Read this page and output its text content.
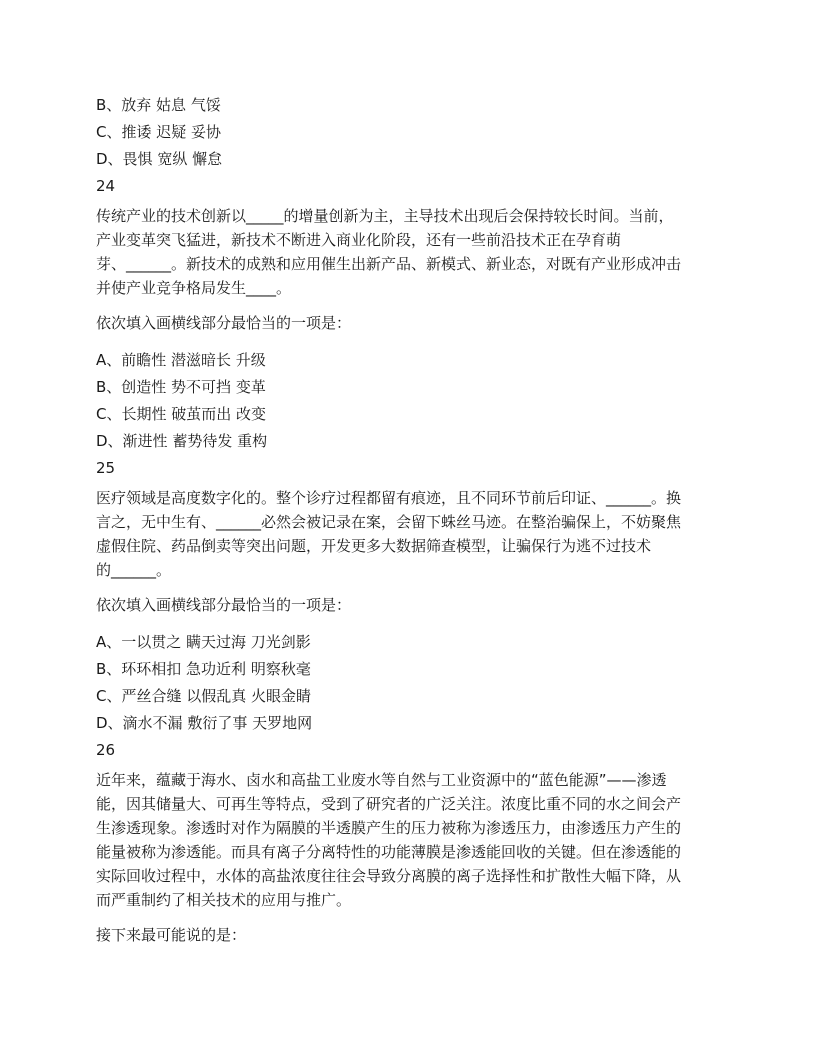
B、放弃 姑息 气馁
C、推诿 迟疑 妥协
D、畏惧 宽纵 懈怠
24
传统产业的技术创新以_____的增量创新为主，主导技术出现后会保持较长时间。当前，
产业变革突飞猛进，新技术不断进入商业化阶段，还有一些前沿技术正在孕育萌
芽、______。新技术的成熟和应用催生出新产品、新模式、新业态，对既有产业形成冲击
并使产业竞争格局发生____。
依次填入画横线部分最恰当的一项是：
A、前瞻性 潜滋暗长 升级
B、创造性 势不可挡 变革
C、长期性 破茧而出 改变
D、渐进性 蓄势待发 重构
25
医疗领域是高度数字化的。整个诊疗过程都留有痕迹，且不同环节前后印证、______。换
言之，无中生有、______必然会被记录在案，会留下蛛丝马迹。在整治骗保上，不妨聚焦
虚假住院、药品倒卖等突出问题，开发更多大数据筛查模型，让骗保行为逃不过技术
的______。
依次填入画横线部分最恰当的一项是：
A、一以贯之 瞒天过海 刀光剑影
B、环环相扣 急功近利 明察秋毫
C、严丝合缝 以假乱真 火眼金睛
D、滴水不漏 敷衍了事 天罗地网
26
近年来，蕴藏于海水、卤水和高盐工业废水等自然与工业资源中的“蓝色能源”——渗透
能，因其储量大、可再生等特点，受到了研究者的广泛关注。浓度比重不同的水之间会产
生渗透现象。渗透时对作为隔膜的半透膜产生的压力被称为渗透压力，由渗透压力产生的
能量被称为渗透能。而具有离子分离特性的功能薄膜是渗透能回收的关键。但在渗透能的
实际回收过程中，水体的高盐浓度往往会导致分离膜的离子选择性和扩散性大幅下降，从
而严重制约了相关技术的应用与推广。
接下来最可能说的是：
